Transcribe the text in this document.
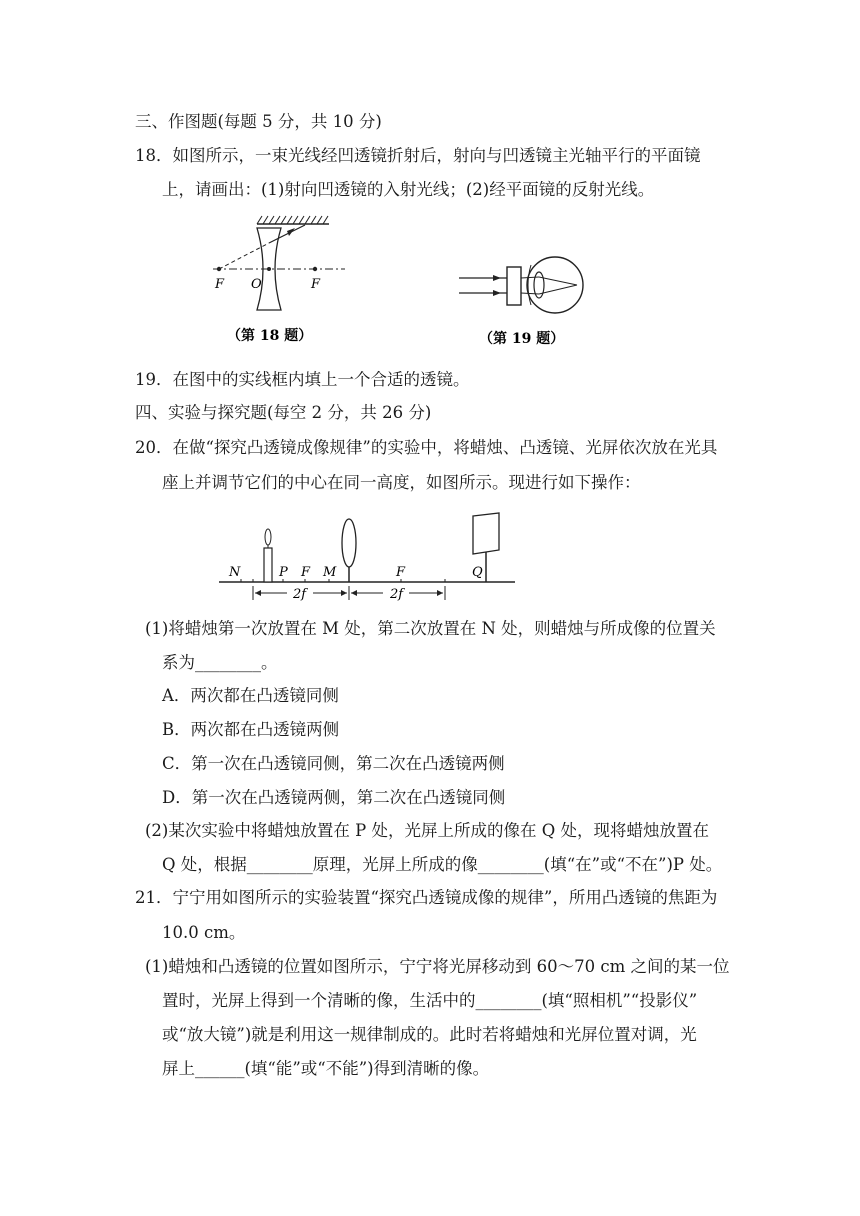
三、作图题(每题 5 分，共 10 分)
18．如图所示，一束光线经凹透镜折射后，射向与凹透镜主光轴平行的平面镜
上，请画出：(1)射向凹透镜的入射光线；(2)经平面镜的反射光线。
F O	F
（第 18 题）	（第 19 题）
19．在图中的实线框内填上一个合适的透镜。
四、实验与探究题(每空 2 分，共 26 分)
20．在做“探究凸透镜成像规律”的实验中，将蜡烛、凸透镜、光屏依次放在光具
座上并调节它们的中心在同一高度，如图所示。现进行如下操作：
N	P F M	F	Q
2f	2f
(1)将蜡烛第一次放置在 M 处，第二次放置在 N 处，则蜡烛与所成像的位置关
系为________。
A．两次都在凸透镜同侧
B．两次都在凸透镜两侧
C．第一次在凸透镜同侧，第二次在凸透镜两侧
D．第一次在凸透镜两侧，第二次在凸透镜同侧
(2)某次实验中将蜡烛放置在 P 处，光屏上所成的像在 Q 处，现将蜡烛放置在
Q 处，根据________原理，光屏上所成的像________(填“在”或“不在”)P 处。
21．宁宁用如图所示的实验装置“探究凸透镜成像的规律”，所用凸透镜的焦距为
10.0 cm。
(1)蜡烛和凸透镜的位置如图所示，宁宁将光屏移动到 60～70 cm 之间的某一位
置时，光屏上得到一个清晰的像，生活中的________(填“照相机”“投影仪”
或“放大镜”)就是利用这一规律制成的。此时若将蜡烛和光屏位置对调，光
屏上______(填“能”或“不能”)得到清晰的像。
